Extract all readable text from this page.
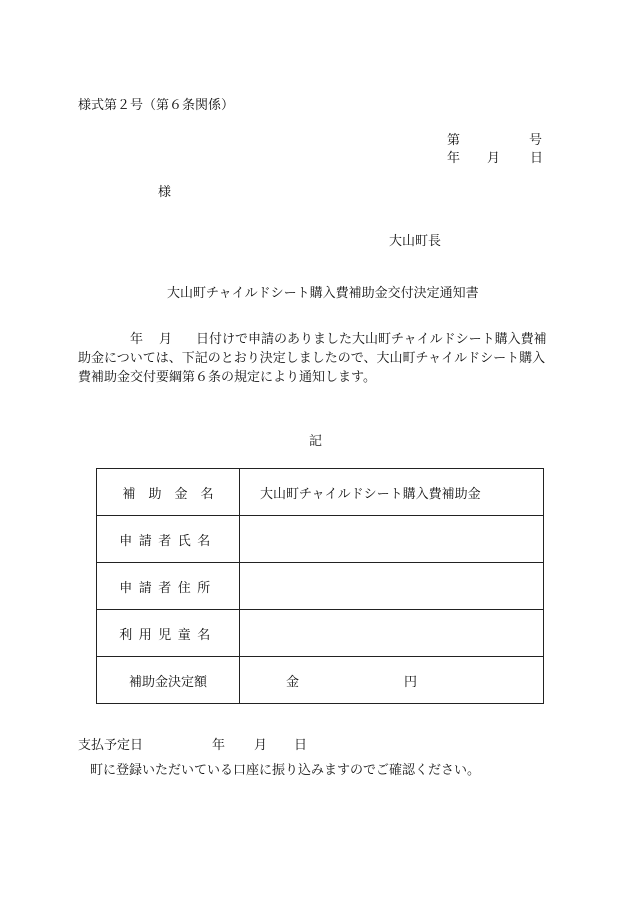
様式第２号（第６条関係）
第	号
年 月 日
様
大山町長
大山町チャイルドシート購入費補助金交付決定通知書
年 月 日付けで申請のありました大山町チャイルドシート購入費補助金については、下記のとおり決定しましたので、大山町チャイルドシート購入費補助金交付要綱第６条の規定により通知します。
記
補　助　金　名	大山町チャイルドシート購入費補助金
申請者氏名	
申請者住所	
利用児童名	
補助金決定額	金 円
支払予定日	年 月 日
町に登録いただいている口座に振り込みますのでご確認ください。
